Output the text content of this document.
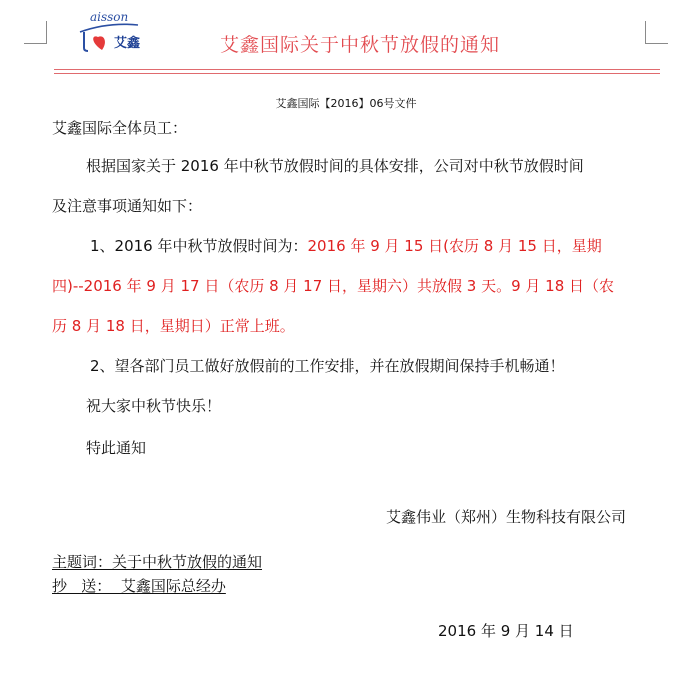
aisson
艾鑫	艾鑫国际关于中秋节放假的通知
艾鑫国际【2016】06号文件
艾鑫国际全体员工：
根据国家关于 2016 年中秋节放假时间的具体安排，公司对中秋节放假时间
及注意事项通知如下：
1、2016 年中秋节放假时间为：2016 年 9 月 15 日(农历 8 月 15 日，星期
四)--2016 年 9 月 17 日（农历 8 月 17 日，星期六）共放假 3 天。9 月 18 日（农
历 8 月 18 日，星期日）正常上班。
2、望各部门员工做好放假前的工作安排，并在放假期间保持手机畅通！
祝大家中秋节快乐！
特此通知
艾鑫伟业（郑州）生物科技有限公司
主题词：关于中秋节放假的通知
抄   送：  艾鑫国际总经办
2016 年 9 月 14 日
